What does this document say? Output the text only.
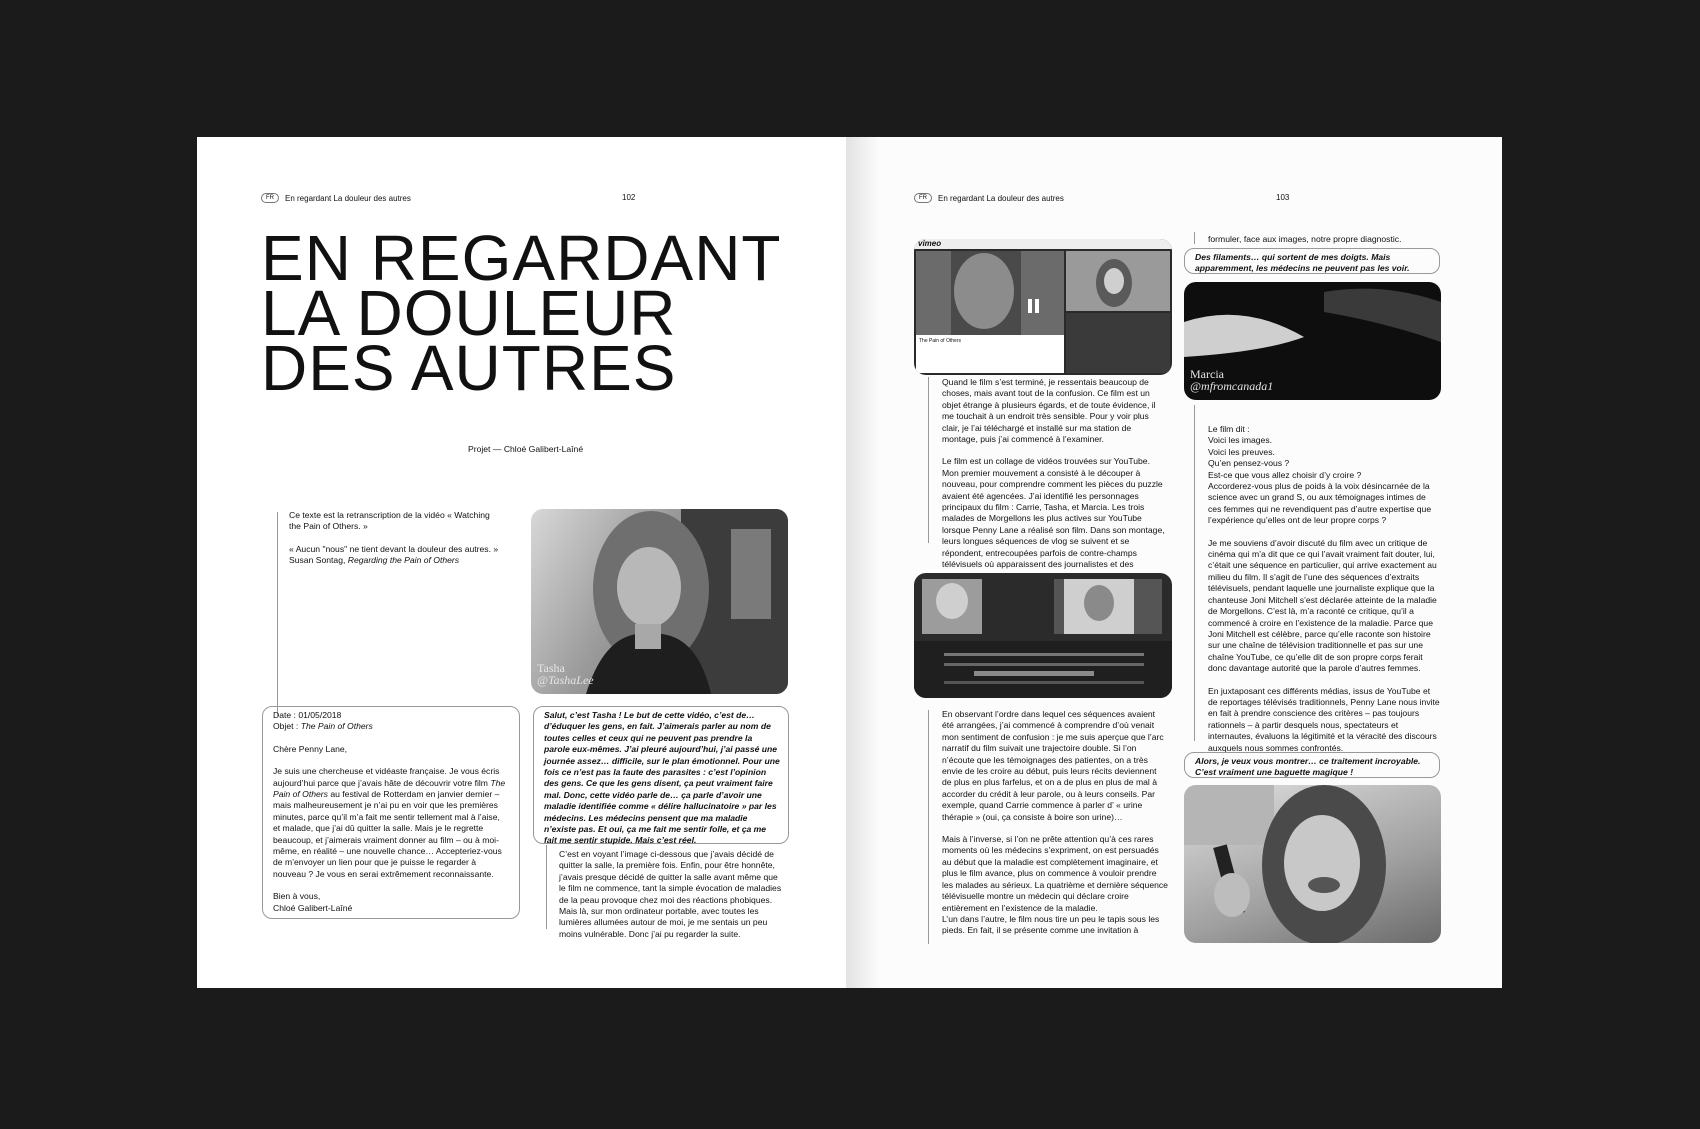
FR	En regardant La douleur des autres	102
EN REGARDANT
LA DOULEUR
DES AUTRES
Projet — Chloé Galibert-Laîné

Ce texte est la retranscription de la vidéo « Watching the Pain of Others. »

« Aucun "nous" ne tient devant la douleur des autres. »
Susan Sontag, Regarding the Pain of Others
Tasha
@TashaLee
Date : 01/05/2018

Objet : The Pain of Others

Chère Penny Lane,

Je suis une chercheuse et vidéaste française. Je vous écris aujourd’hui parce que j’avais hâte de découvrir votre film The Pain of Others au festival de Rotterdam en janvier dernier – mais malheureusement je n’ai pu en voir que les premières minutes, parce qu’il m’a fait me sentir tellement mal à l’aise, et malade, que j’ai dû quitter la salle. Mais je le regrette beaucoup, et j’aimerais vraiment donner au film – ou à moi-même, en réalité – une nouvelle chance… Accepteriez-vous de m’envoyer un lien pour que je puisse le regarder à nouveau ? Je vous en serai extrêmement reconnaissante.

Bien à vous,
Chloé Galibert-Laîné
Salut, c’est Tasha ! Le but de cette vidéo, c’est de… d’éduquer les gens, en fait. J’aimerais parler au nom de toutes celles et ceux qui ne peuvent pas prendre la parole eux-mêmes. J’ai pleuré aujourd’hui, j’ai passé une journée assez… difficile, sur le plan émotionnel. Pour une fois ce n’est pas la faute des parasites : c’est l’opinion des gens. Ce que les gens disent, ça peut vraiment faire mal. Donc, cette vidéo parle de… ça parle d’avoir une maladie identifiée comme « délire hallucinatoire » par les médecins. Les médecins pensent que ma maladie n’existe pas. Et oui, ça me fait me sentir folle, et ça me fait me sentir stupide. Mais c’est réel.
C’est en voyant l’image ci-dessous que j’avais décidé de quitter la salle, la première fois. Enfin, pour être honnête, j’avais presque décidé de quitter la salle avant même que le film ne commence, tant la simple évocation de maladies de la peau provoque chez moi des réactions phobiques. Mais là, sur mon ordinateur portable, avec toutes les lumières allumées autour de moi, je me sentais un peu moins vulnérable. Donc j’ai pu regarder la suite.
FR	En regardant La douleur des autres	103
vimeo
The Pain of Others

Quand le film s’est terminé, je ressentais beaucoup de choses, mais avant tout de la confusion. Ce film est un objet étrange à plusieurs égards, et de toute évidence, il me touchait à un endroit très sensible. Pour y voir plus clair, je l’ai téléchargé et installé sur ma station de montage, puis j’ai commencé à l’examiner.

Le film est un collage de vidéos trouvées sur YouTube. Mon premier mouvement a consisté à le découper à nouveau, pour comprendre comment les pièces du puzzle avaient été agencées. J’ai identifié les personnages principaux du film : Carrie, Tasha, et Marcia. Les trois malades de Morgellons les plus actives sur YouTube lorsque Penny Lane a réalisé son film. Dans son montage, leurs longues séquences de vlog se suivent et se répondent, entrecoupées parfois de contre-champs télévisuels où apparaissent des journalistes et des

En observant l’ordre dans lequel ces séquences avaient été arrangées, j’ai commencé à comprendre d’où venait mon sentiment de confusion : je me suis aperçue que l’arc narratif du film suivait une trajectoire double. Si l’on n’écoute que les témoignages des patientes, on a très envie de les croire au début, puis leurs récits deviennent de plus en plus farfelus, et on a de plus en plus de mal à accorder du crédit à leur parole, ou à leurs conseils. Par exemple, quand Carrie commence à parler d’ « urine thérapie » (oui, ça consiste à boire son urine)…

Mais à l’inverse, si l’on ne prête attention qu’à ces rares moments où les médecins s’expriment, on est persuadés au début que la maladie est complètement imaginaire, et plus le film avance, plus on commence à vouloir prendre les malades au sérieux. La quatrième et dernière séquence télévisuelle montre un médecin qui déclare croire entièrement en l’existence de la maladie.
L’un dans l’autre, le film nous tire un peu le tapis sous les pieds. En fait, il se présente comme une invitation à

formuler, face aux images, notre propre diagnostic.
Des filaments… qui sortent de mes doigts. Mais apparemment, les médecins ne peuvent pas les voir.
Marcia
@mfromcanada1

Le film dit :
Voici les images.
Voici les preuves.
Qu’en pensez-vous ?
Est-ce que vous allez choisir d’y croire ?
Accorderez-vous plus de poids à la voix désincarnée de la science avec un grand S, ou aux témoignages intimes de ces femmes qui ne revendiquent pas d’autre expertise que l’expérience qu’elles ont de leur propre corps ?

Je me souviens d’avoir discuté du film avec un critique de cinéma qui m’a dit que ce qui l’avait vraiment fait douter, lui, c’était une séquence en particulier, qui arrive exactement au milieu du film. Il s’agit de l’une des séquences d’extraits télévisuels, pendant laquelle une journaliste explique que la chanteuse Joni Mitchell s’est déclarée atteinte de la maladie de Morgellons. C’est là, m’a raconté ce critique, qu’il a commencé à croire en l’existence de la maladie. Parce que Joni Mitchell est célèbre, parce qu’elle raconte son histoire sur une chaîne de télévision traditionnelle et pas sur une chaîne YouTube, ce qu’elle dit de son propre corps ferait donc davantage autorité que la parole d’autres femmes.

En juxtaposant ces différents médias, issus de YouTube et de reportages télévisés traditionnels, Penny Lane nous invite en fait à prendre conscience des critères – pas toujours rationnels – à partir desquels nous, spectateurs et internautes, évaluons la légitimité et la véracité des discours auxquels nous sommes confrontés.

Alors, je veux vous montrer… ce traitement incroyable. C’est vraiment une baguette magique !
